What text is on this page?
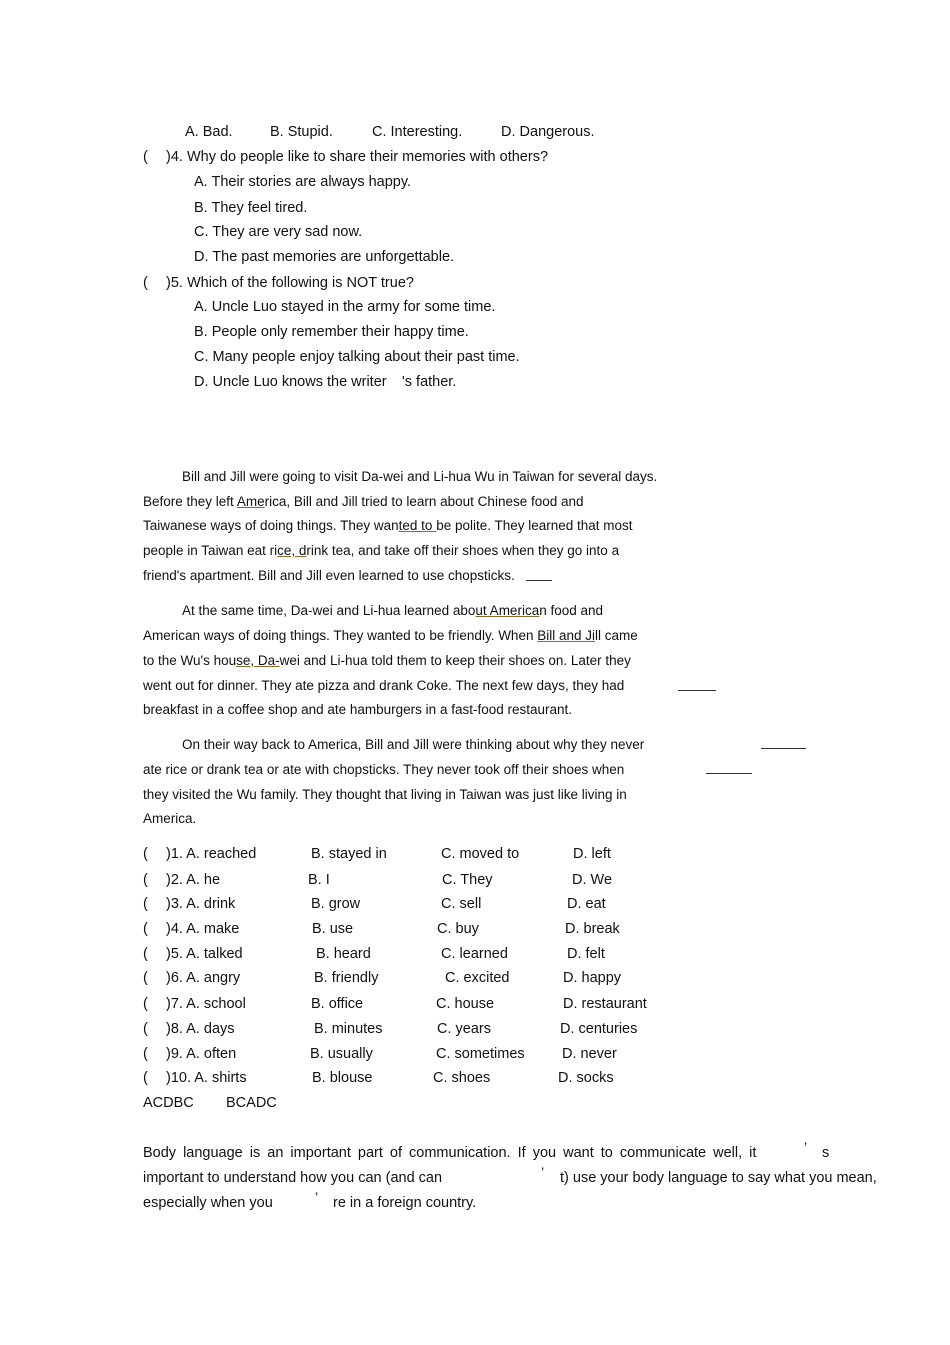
A. Bad.	B. Stupid.	C. Interesting.	D. Dangerous.
( )4. Why do people like to share their memories with others?
A. Their stories are always happy.
B. They feel tired.
C. They are very sad now.
D. The past memories are unforgettable.
( )5. Which of the following is NOT true?
A. Uncle Luo stayed in the army for some time.
B. People only remember their happy time.
C. Many people enjoy talking about their past time.
D. Uncle Luo knows the writer 's father.
Bill and Jill were going to visit Da-wei and Li-hua Wu in Taiwan for several days.
Before they left America, Bill and Jill tried to learn about Chinese food and
Taiwanese ways of doing things. They wanted to be polite. They learned that most
people in Taiwan eat rice, drink tea, and take off their shoes when they go into a
friend's apartment. Bill and Jill even learned to use chopsticks.
At the same time, Da-wei and Li-hua learned about American food and
American ways of doing things. They wanted to be friendly. When Bill and Jill came
to the Wu's house, Da-wei and Li-hua told them to keep their shoes on. Later they
went out for dinner. They ate pizza and drank Coke. The next few days, they had
breakfast in a coffee shop and ate hamburgers in a fast-food restaurant.
On their way back to America, Bill and Jill were thinking about why they never
ate rice or drank tea or ate with chopsticks. They never took off their shoes when
they visited the Wu family. They thought that living in Taiwan was just like living in
America.
( )1. A. reached	B. stayed in	C. moved to	D. left
( )2. A. he	B. I	C. They	D. We
( )3. A. drink	B. grow	C. sell	D. eat
( )4. A. make	B. use	C. buy	D. break
( )5. A. talked	B. heard	C. learned	D. felt
( )6. A. angry	B. friendly	C. excited	D. happy
( )7. A. school	B. office	C. house	D. restaurant
( )8. A. days	B. minutes	C. years	D. centuries
( )9. A. often	B. usually	C. sometimes	D. never
( )10. A. shirts	B. blouse	C. shoes	D. socks
ACDBC BCADC
Body language is an important part of communication. If you want to communicate well, it	’ s
important to understand how you can (and can	’ t) use your body language to say what you mean,
especially when you	’ re in a foreign country.
